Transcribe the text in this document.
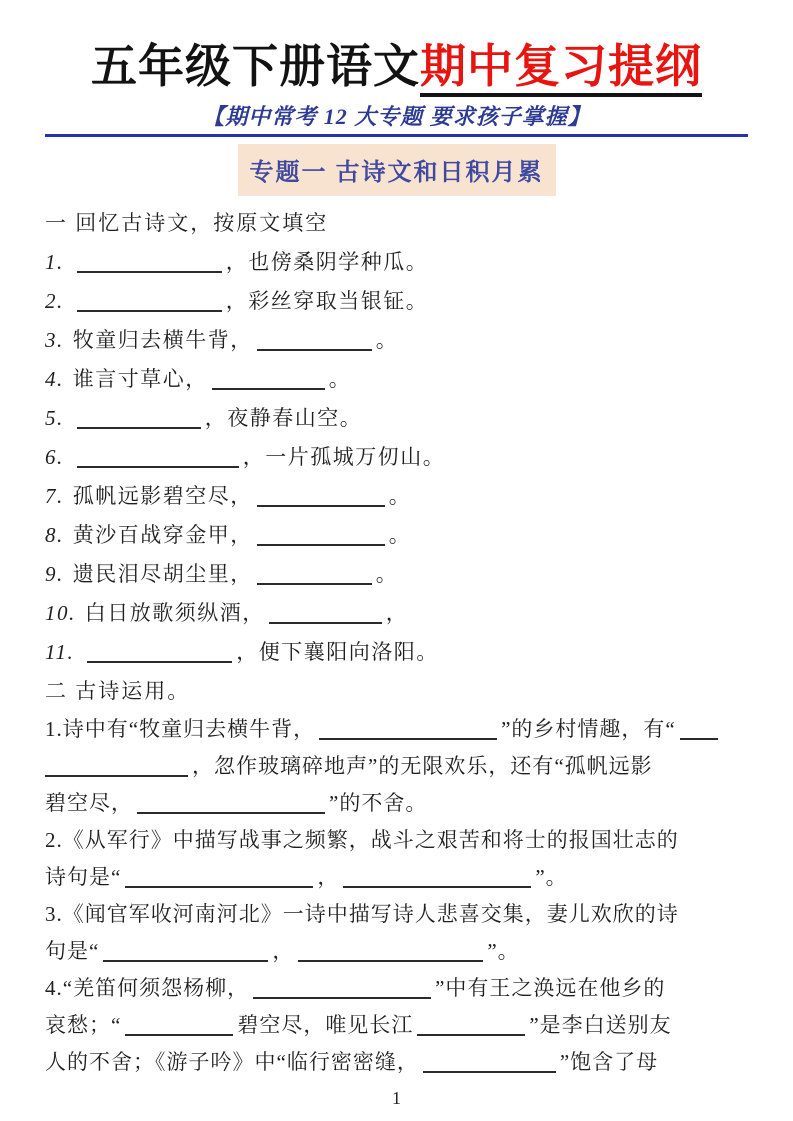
五年级下册语文期中复习提纲
【期中常考 12 大专题 要求孩子掌握】
专题一 古诗文和日积月累
一 回忆古诗文，按原文填空
1.	，也傍桑阴学种瓜。
2.	，彩丝穿取当银钲。
3. 牧童归去横牛背，	。
4. 谁言寸草心，	。
5.	，夜静春山空。
6.	，一片孤城万仞山。
7. 孤帆远影碧空尽，	。
8. 黄沙百战穿金甲，	。
9. 遗民泪尽胡尘里，	。
10. 白日放歌须纵酒，	，
11.	，便下襄阳向洛阳。
二 古诗运用。
1.诗中有“牧童归去横牛背，	”的乡村情趣，有“
，忽作玻璃碎地声”的无限欢乐，还有“孤帆远影
碧空尽，	”的不舍。
2.《从军行》中描写战事之频繁，战斗之艰苦和将士的报国壮志的
诗句是“	，	”。
3.《闻官军收河南河北》一诗中描写诗人悲喜交集，妻儿欢欣的诗
句是“	，	”。
4.“羌笛何须怨杨柳，	”中有王之涣远在他乡的
哀愁；“	碧空尽，唯见长江	”是李白送别友
人的不舍；《游子吟》中“临行密密缝，	”饱含了母
1
